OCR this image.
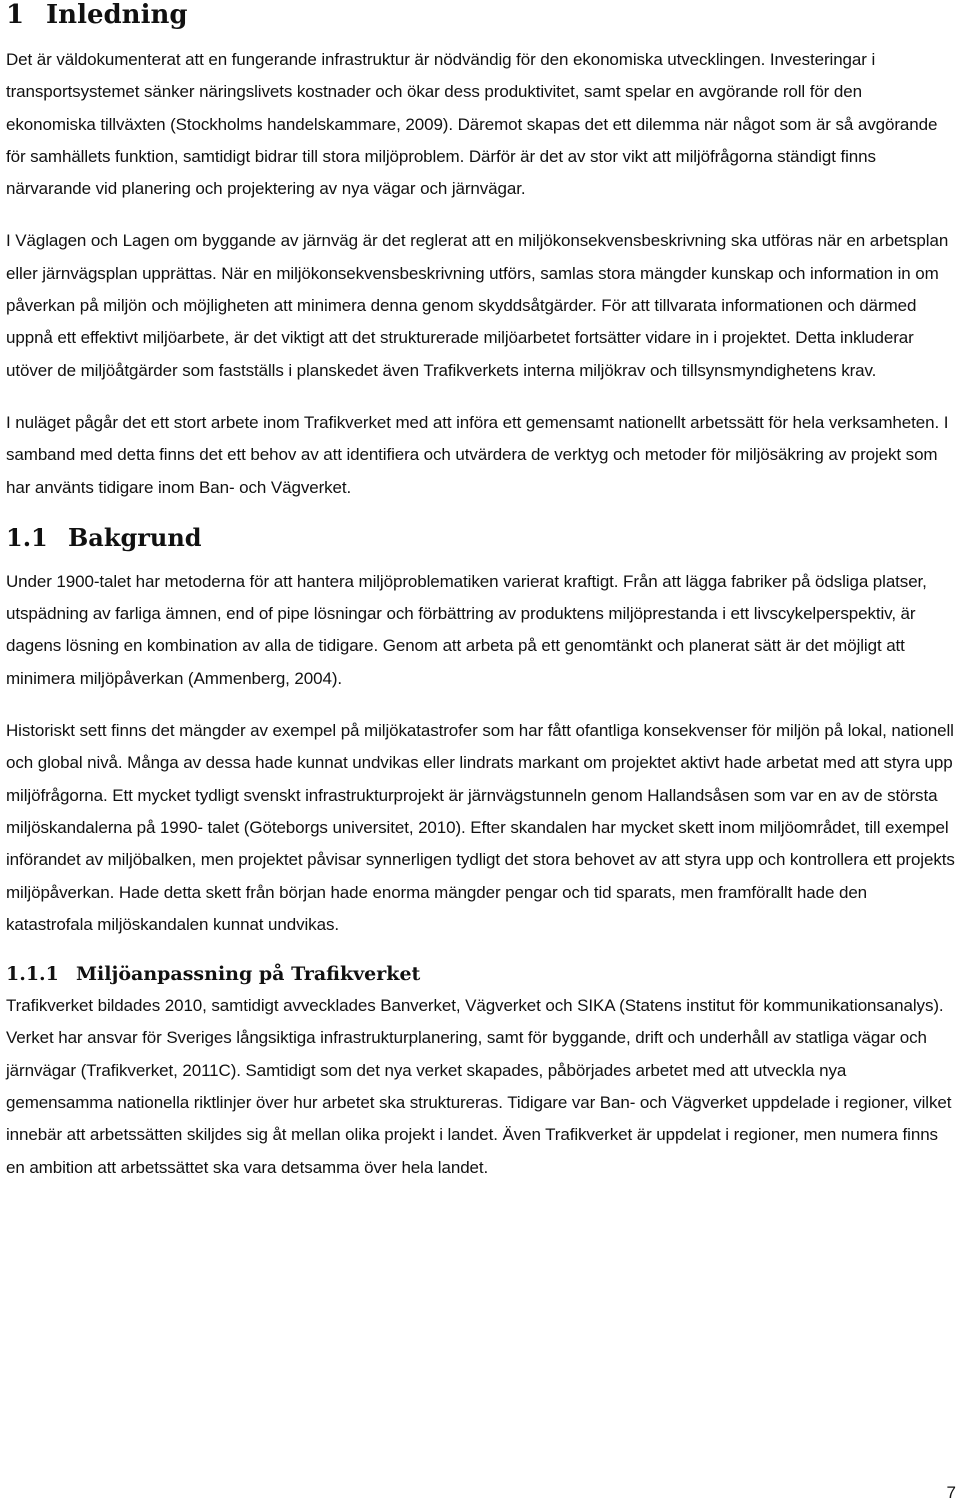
1 Inledning

Det är väldokumenterat att en fungerande infrastruktur är nödvändig för den ekonomiska utvecklingen. Investeringar i transportsystemet sänker näringslivets kostnader och ökar dess produktivitet, samt spelar en avgörande roll för den ekonomiska tillväxten (Stockholms handelskammare, 2009). Däremot skapas det ett dilemma när något som är så avgörande för samhällets funktion, samtidigt bidrar till stora miljöproblem. Därför är det av stor vikt att miljöfrågorna ständigt finns närvarande vid planering och projektering av nya vägar och järnvägar.

I Väglagen och Lagen om byggande av järnväg är det reglerat att en miljökonsekvensbeskrivning ska utföras när en arbetsplan eller järnvägsplan upprättas. När en miljökonsekvensbeskrivning utförs, samlas stora mängder kunskap och information in om påverkan på miljön och möjligheten att minimera denna genom skyddsåtgärder. För att tillvarata informationen och därmed uppnå ett effektivt miljöarbete, är det viktigt att det strukturerade miljöarbetet fortsätter vidare in i projektet. Detta inkluderar utöver de miljöåtgärder som fastställs i planskedet även Trafikverkets interna miljökrav och tillsynsmyndighetens krav.

I nuläget pågår det ett stort arbete inom Trafikverket med att införa ett gemensamt nationellt arbetssätt för hela verksamheten. I samband med detta finns det ett behov av att identifiera och utvärdera de verktyg och metoder för miljösäkring av projekt som har använts tidigare inom Ban- och Vägverket.

1.1 Bakgrund

Under 1900-talet har metoderna för att hantera miljöproblematiken varierat kraftigt. Från att lägga fabriker på ödsliga platser, utspädning av farliga ämnen, end of pipe lösningar och förbättring av produktens miljöprestanda i ett livscykelperspektiv, är dagens lösning en kombination av alla de tidigare. Genom att arbeta på ett genomtänkt och planerat sätt är det möjligt att minimera miljöpåverkan (Ammenberg, 2004).

Historiskt sett finns det mängder av exempel på miljökatastrofer som har fått ofantliga konsekvenser för miljön på lokal, nationell och global nivå. Många av dessa hade kunnat undvikas eller lindrats markant om projektet aktivt hade arbetat med att styra upp miljöfrågorna. Ett mycket tydligt svenskt infrastrukturprojekt är järnvägstunneln genom Hallandsåsen som var en av de största miljöskandalerna på 1990- talet (Göteborgs universitet, 2010). Efter skandalen har mycket skett inom miljöområdet, till exempel införandet av miljöbalken, men projektet påvisar synnerligen tydligt det stora behovet av att styra upp och kontrollera ett projekts miljöpåverkan. Hade detta skett från början hade enorma mängder pengar och tid sparats, men framförallt hade den katastrofala miljöskandalen kunnat undvikas.

1.1.1 Miljöanpassning på Trafikverket

Trafikverket bildades 2010, samtidigt avvecklades Banverket, Vägverket och SIKA (Statens institut för kommunikationsanalys). Verket har ansvar för Sveriges långsiktiga infrastrukturplanering, samt för byggande, drift och underhåll av statliga vägar och järnvägar (Trafikverket, 2011C). Samtidigt som det nya verket skapades, påbörjades arbetet med att utveckla nya gemensamma nationella riktlinjer över hur arbetet ska struktureras. Tidigare var Ban- och Vägverket uppdelade i regioner, vilket innebär att arbetssätten skiljdes sig åt mellan olika projekt i landet. Även Trafikverket är uppdelat i regioner, men numera finns en ambition att arbetssättet ska vara detsamma över hela landet.

7
